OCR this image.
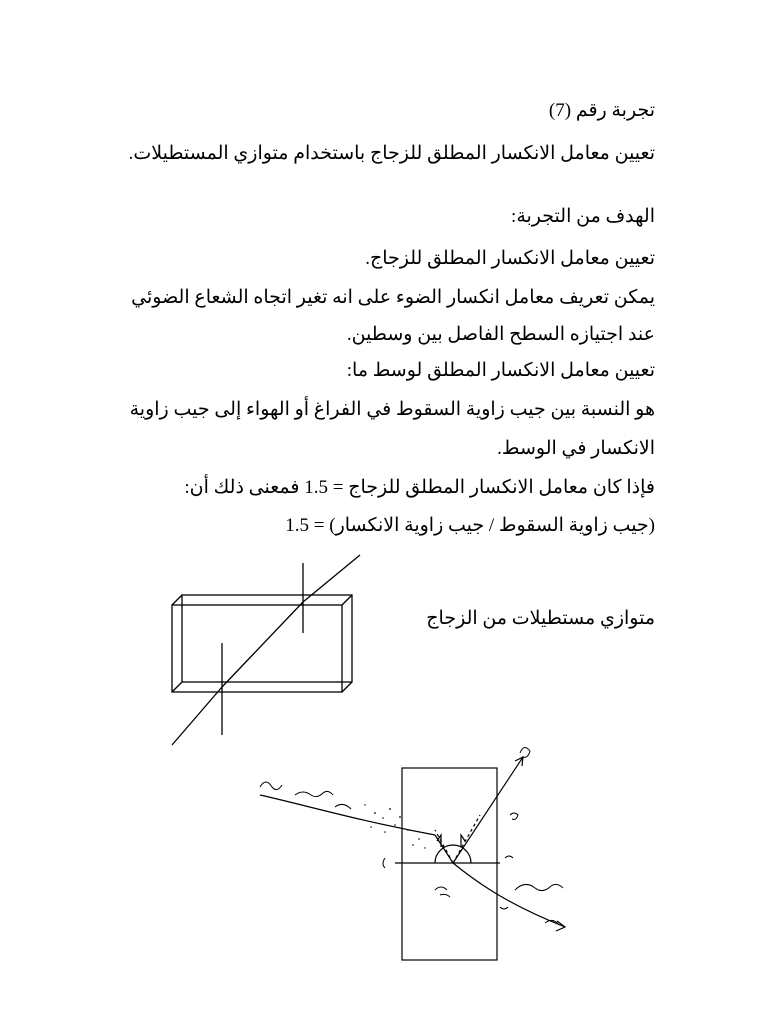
تجربة رقم (7)
تعيين معامل الانكسار المطلق للزجاج باستخدام متوازي المستطيلات.
الهدف من التجربة:
تعيين معامل الانكسار المطلق للزجاج.
يمكن تعريف معامل انكسار الضوء على انه تغير اتجاه الشعاع الضوئي
عند اجتيازه السطح الفاصل بين وسطين.
تعيين معامل الانكسار المطلق لوسط ما:
هو النسبة بين جيب زاوية السقوط في الفراغ أو الهواء إلى جيب زاوية
الانكسار في الوسط.
فإذا كان معامل الانكسار المطلق للزجاج = 1.5 فمعنى ذلك أن:
(جيب زاوية السقوط / جيب زاوية الانكسار) = 1.5
متوازي مستطيلات من الزجاج
